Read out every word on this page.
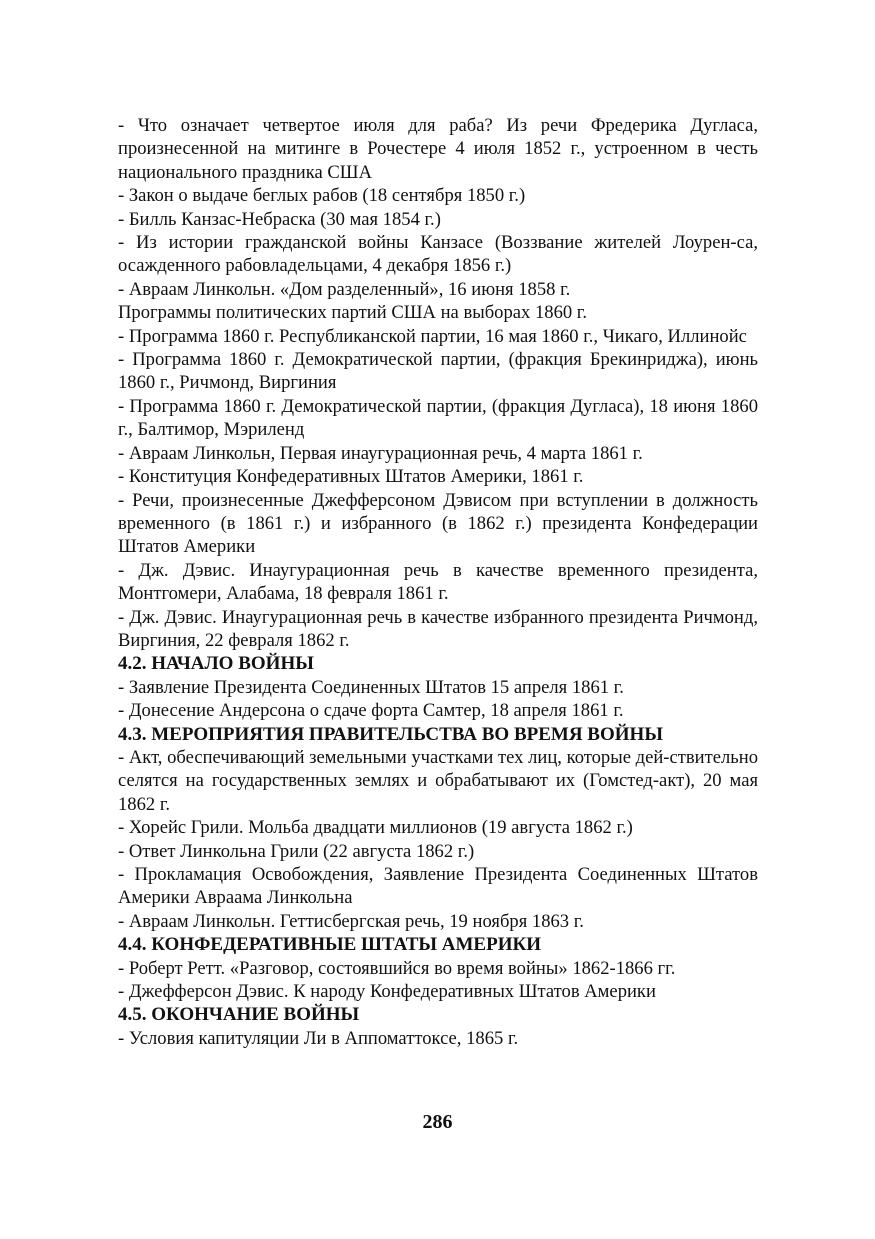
- Что означает четвертое июля для раба? Из речи Фредерика Дугласа, произнесенной на митинге в Рочестере 4 июля 1852 г., устроенном в честь национального праздника США

- Закон о выдаче беглых рабов (18 сентября 1850 г.)

- Билль Канзас-Небраска (30 мая 1854 г.)

- Из истории гражданской войны Канзасе (Воззвание жителей Лоурен-са, осажденного рабовладельцами, 4 декабря 1856 г.)

- Авраам Линкольн. «Дом разделенный», 16 июня 1858 г.

Программы политических партий США на выборах 1860 г.

- Программа 1860 г. Республиканской партии, 16 мая 1860 г., Чикаго, Иллинойс

- Программа 1860 г. Демократической партии, (фракция Брекинриджа), июнь 1860 г., Ричмонд, Виргиния

- Программа 1860 г. Демократической партии, (фракция Дугласа), 18 июня 1860 г., Балтимор, Мэриленд

- Авраам Линкольн, Первая инаугурационная речь, 4 марта 1861 г.

- Конституция Конфедеративных Штатов Америки, 1861 г.

- Речи, произнесенные Джефферсоном Дэвисом при вступлении в должность временного (в 1861 г.) и избранного (в 1862 г.) президента Конфедерации Штатов Америки

- Дж. Дэвис. Инаугурационная речь в качестве временного президента, Монтгомери, Алабама, 18 февраля 1861 г.

- Дж. Дэвис. Инаугурационная речь в качестве избранного президента Ричмонд, Виргиния, 22 февраля 1862 г.

4.2. НАЧАЛО ВОЙНЫ

- Заявление Президента Соединенных Штатов 15 апреля 1861 г.

- Донесение Андерсона о сдаче форта Самтер, 18 апреля 1861 г.

4.3. МЕРОПРИЯТИЯ ПРАВИТЕЛЬСТВА ВО ВРЕМЯ ВОЙНЫ

- Акт, обеспечивающий земельными участками тех лиц, которые дей-ствительно селятся на государственных землях и обрабатывают их (Гомстед-акт), 20 мая 1862 г.

- Хорейс Грили. Мольба двадцати миллионов (19 августа 1862 г.)

- Ответ Линкольна Грили (22 августа 1862 г.)

- Прокламация Освобождения, Заявление Президента Соединенных Штатов Америки Авраама Линкольна

- Авраам Линкольн. Геттисбергская речь, 19 ноября 1863 г.

4.4. КОНФЕДЕРАТИВНЫЕ ШТАТЫ АМЕРИКИ

- Роберт Ретт. «Разговор, состоявшийся во время войны» 1862-1866 гг.

- Джефферсон Дэвис. К народу Конфедеративных Штатов Америки

4.5. ОКОНЧАНИЕ ВОЙНЫ

- Условия капитуляции Ли в Аппоматтоксе, 1865 г.

286
